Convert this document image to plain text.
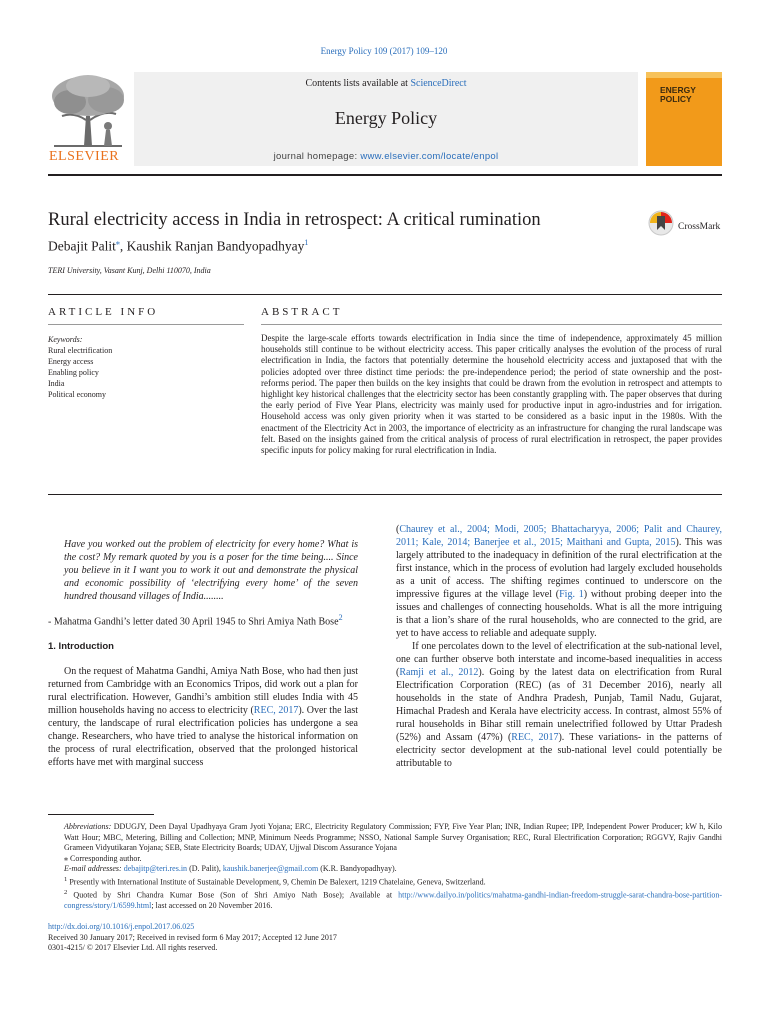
Energy Policy 109 (2017) 109–120
ELSEVIER
Contents lists available at ScienceDirect
Energy Policy
journal homepage: www.elsevier.com/locate/enpol
ENERGY POLICY
Rural electricity access in India in retrospect: A critical rumination	CrossMark
Debajit Palit⁎, Kaushik Ranjan Bandyopadhyay$^1$
TERI University, Vasant Kunj, Delhi 110070, India
ARTICLE INFO	ABSTRACT
Keywords:
Rural electrification
Energy access
Enabling policy
India
Political economy
Despite the large-scale efforts towards electrification in India since the time of independence, approximately 45 million households still continue to be without electricity access. This paper critically analyses the evolution of the process of rural electrification in India, the factors that potentially determine the household electricity access and juxtaposed that with the policies adopted over three distinct time periods: the pre-independence period; the period of state ownership and the post-reforms period. The paper then builds on the key insights that could be drawn from the evolution in retrospect and attempts to highlight key historical challenges that the electricity sector has been constantly grappling with. The paper observes that during the early period of Five Year Plans, electricity was mainly used for productive input in agro-industries and for irrigation. Household access was only given priority when it was started to be considered as a basic input in the 1980s. With the enactment of the Electricity Act in 2003, the importance of electricity as an infrastructure for changing the rural landscape was felt. Based on the insights gained from the critical analysis of process of rural electrification in retrospect, the paper provides specific inputs for policy making for rural electrification in India.

Have you worked out the problem of electricity for every home? What is the cost? My remark quoted by you is a poser for the time being.... Since you believe in it I want you to work it out and demonstrate the physical and economic possibility of ‘electrifying every home’ of the seven hundred thousand villages of India........

- Mahatma Gandhi’s letter dated 30 April 1945 to Shri Amiya Nath Bose$^2$

1. Introduction

On the request of Mahatma Gandhi, Amiya Nath Bose, who had then just returned from Cambridge with an Economics Tripos, did work out a plan for rural electrification. However, Gandhi’s ambition still eludes India with 45 million households having no access to electricity (REC, 2017). Over the last century, the landscape of rural electrification policies has undergone a sea change. Researchers, who have tried to analyse the historical information on the process of rural electrification, observed that the prolonged historical efforts have met with marginal success

(Chaurey et al., 2004; Modi, 2005; Bhattacharyya, 2006; Palit and Chaurey, 2011; Kale, 2014; Banerjee et al., 2015; Maithani and Gupta, 2015). This was largely attributed to the inadequacy in definition of the rural electrification at the first instance, which in the process of evolution had largely excluded households as a unit of access. The shifting regimes continued to underscore on the impressive figures at the village level (Fig. 1) without probing deeper into the issues and challenges of connecting households. What is all the more intriguing is that a lion’s share of the rural households, who are connected to the grid, are yet to have access to reliable and adequate supply.

If one percolates down to the level of electrification at the sub-national level, one can further observe both interstate and income-based inequalities in access (Ramji et al., 2012). Going by the latest data on electrification from Rural Electrification Corporation (REC) (as of 31 December 2016), nearly all households in the state of Andhra Pradesh, Punjab, Tamil Nadu, Gujarat, Himachal Pradesh and Kerala have electricity access. In contrast, almost 55% of rural households in Bihar still remain unelectrified followed by Uttar Pradesh (52%) and Assam (47%) (REC, 2017). These variations- in the patterns of electricity sector development at the sub-national level could potentially be attributable to

Abbreviations: DDUGJY, Deen Dayal Upadhyaya Gram Jyoti Yojana; ERC, Electricity Regulatory Commission; FYP, Five Year Plan; INR, Indian Rupee; IPP, Independent Power Producer; kW h, Kilo Watt Hour; MBC, Metering, Billing and Collection; MNP, Minimum Needs Programme; NSSO, National Sample Survey Organisation; REC, Rural Electrification Corporation; RGGVY, Rajiv Gandhi Grameen Vidyutikaran Yojana; SEB, State Electricity Boards; UDAY, Ujjwal Discom Assurance Yojana

⁎ Corresponding author.

E-mail addresses: debajitp@teri.res.in (D. Palit), kaushik.banerjee@gmail.com (K.R. Bandyopadhyay).

$^1$ Presently with International Institute of Sustainable Development, 9, Chemin De Balexert, 1219 Chatelaine, Geneva, Switzerland.

$^2$ Quoted by Shri Chandra Kumar Bose (Son of Shri Amiyo Nath Bose); Available at http://www.dailyo.in/politics/mahatma-gandhi-indian-freedom-struggle-sarat-chandra-bose-partition-congress/story/1/6599.html; last accessed on 20 November 2016.

http://dx.doi.org/10.1016/j.enpol.2017.06.025

Received 30 January 2017; Received in revised form 6 May 2017; Accepted 12 June 2017

0301-4215/ © 2017 Elsevier Ltd. All rights reserved.
